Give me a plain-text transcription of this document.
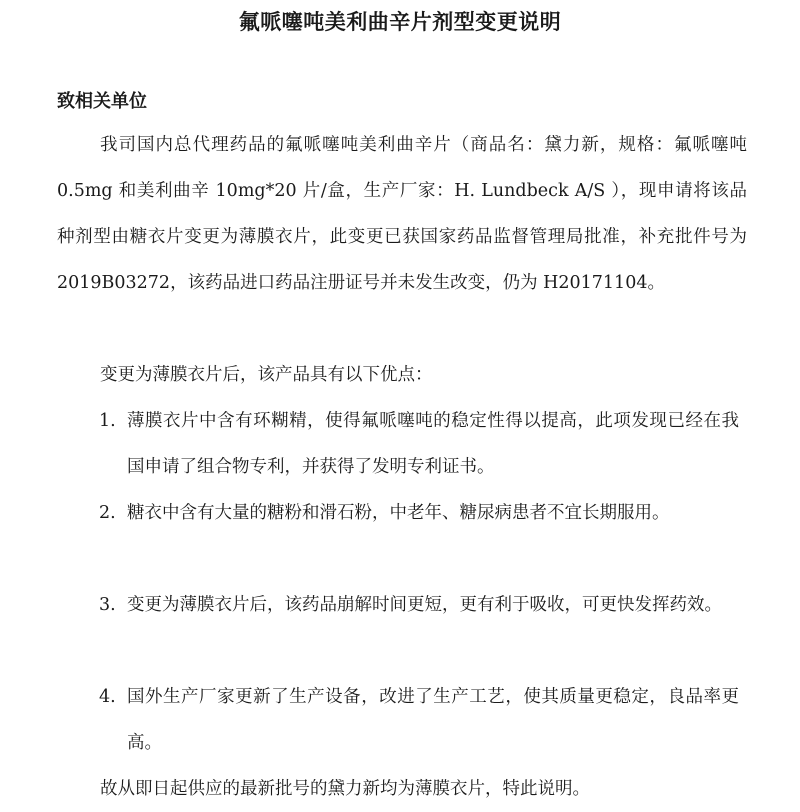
氟哌噻吨美利曲辛片剂型变更说明
致相关单位

我司国内总代理药品的氟哌噻吨美利曲辛片（商品名：黛力新，规格：氟哌噻吨 0.5mg 和美利曲辛 10mg*20 片/盒，生产厂家：H. Lundbeck A/S ），现申请将该品种剂型由糖衣片变更为薄膜衣片，此变更已获国家药品监督管理局批准，补充批件号为 2019B03272，该药品进口药品注册证号并未发生改变，仍为 H20171104。

变更为薄膜衣片后，该产品具有以下优点：

1. 薄膜衣片中含有环糊精，使得氟哌噻吨的稳定性得以提高，此项发现已经在我国申请了组合物专利，并获得了发明专利证书。
2. 糖衣中含有大量的糖粉和滑石粉，中老年、糖尿病患者不宜长期服用。
3. 变更为薄膜衣片后，该药品崩解时间更短，更有利于吸收，可更快发挥药效。
4. 国外生产厂家更新了生产设备，改进了生产工艺，使其质量更稳定，良品率更高。

故从即日起供应的最新批号的黛力新均为薄膜衣片，特此说明。
